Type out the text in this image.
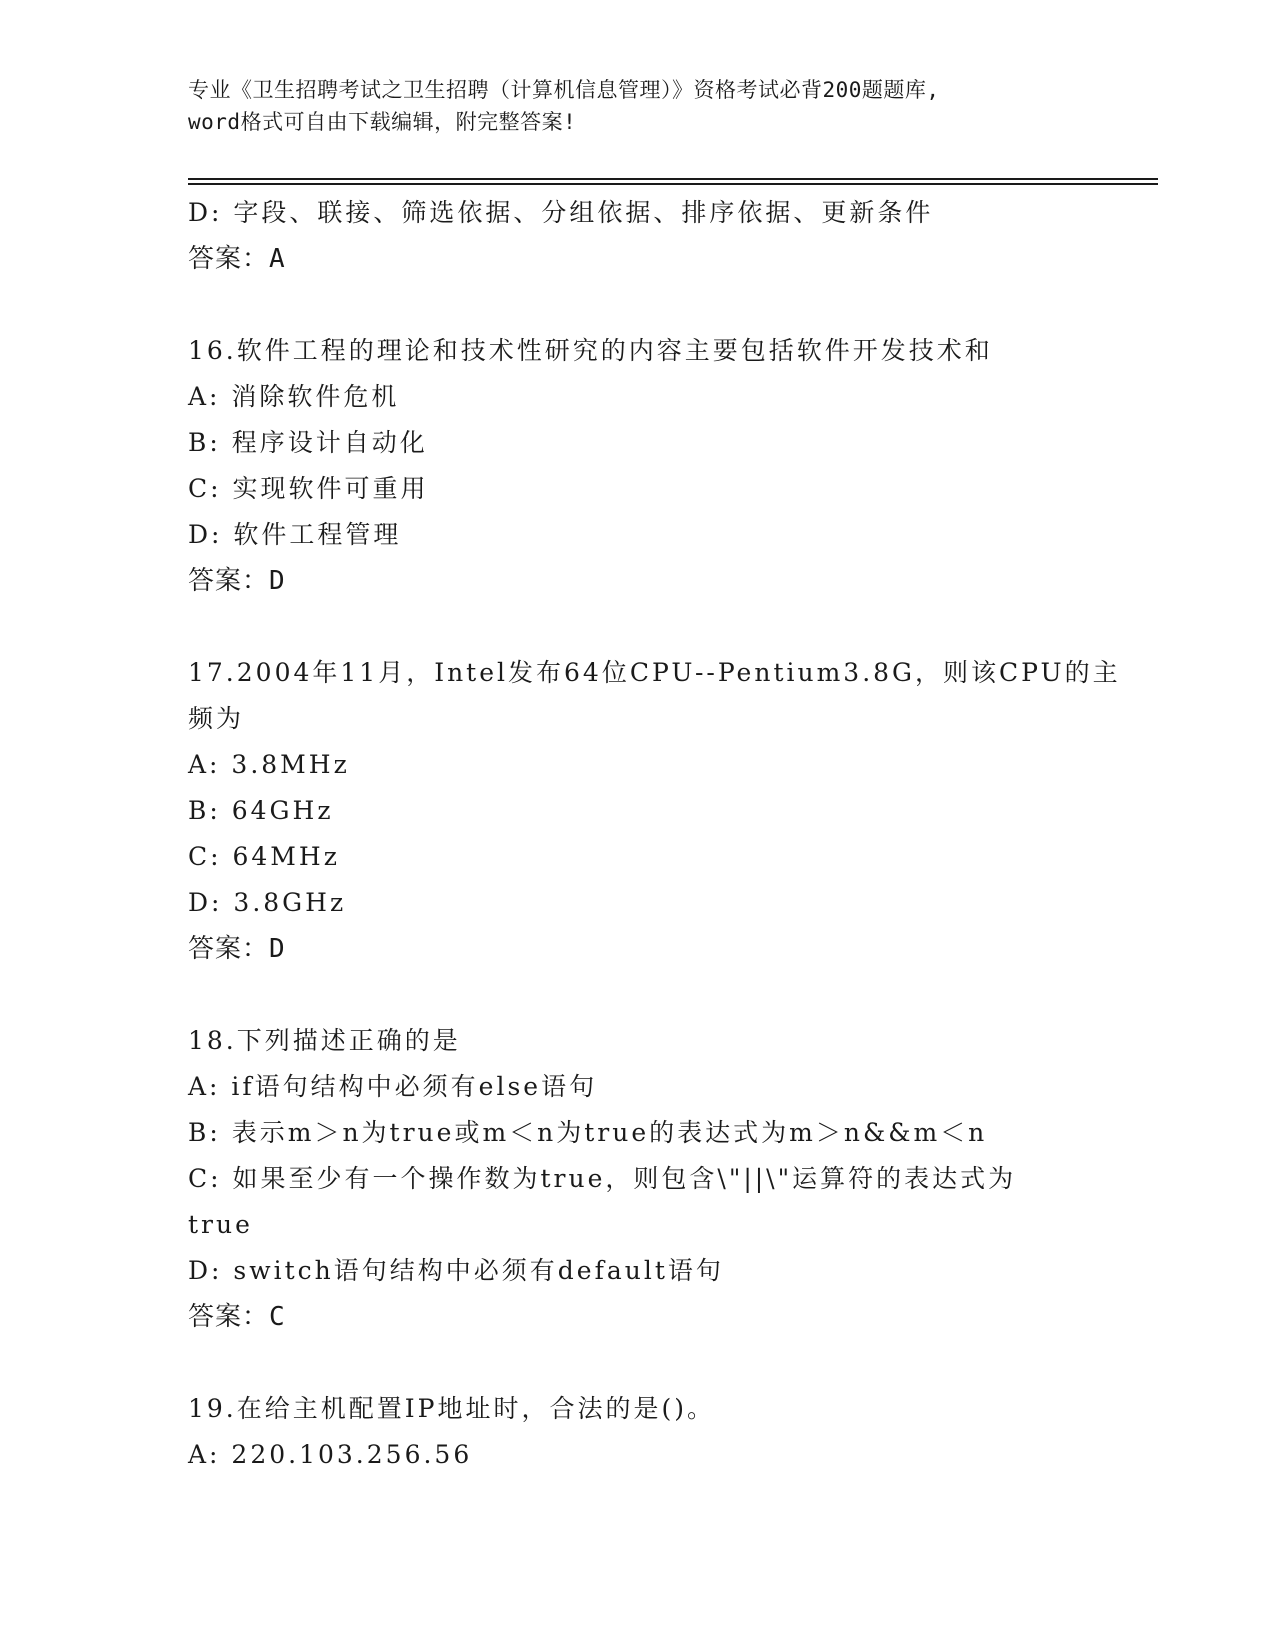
专业《卫生招聘考试之卫生招聘（计算机信息管理）》资格考试必背200题题库,
word格式可自由下载编辑，附完整答案!
D: 字段、联接、筛选依据、分组依据、排序依据、更新条件
答案：A
16.软件工程的理论和技术性研究的内容主要包括软件开发技术和
A: 消除软件危机
B: 程序设计自动化
C: 实现软件可重用
D: 软件工程管理
答案：D
17.2004年11月，Intel发布64位CPU--Pentium3.8G，则该CPU的主
频为
A: 3.8MHz
B: 64GHz
C: 64MHz
D: 3.8GHz
答案：D
18.下列描述正确的是
A: if语句结构中必须有else语句
B: 表示m＞n为true或m＜n为true的表达式为m＞n&&m＜n
C: 如果至少有一个操作数为true，则包含\"||\"运算符的表达式为
true
D: switch语句结构中必须有default语句
答案：C
19.在给主机配置IP地址时，合法的是()。
A: 220.103.256.56
